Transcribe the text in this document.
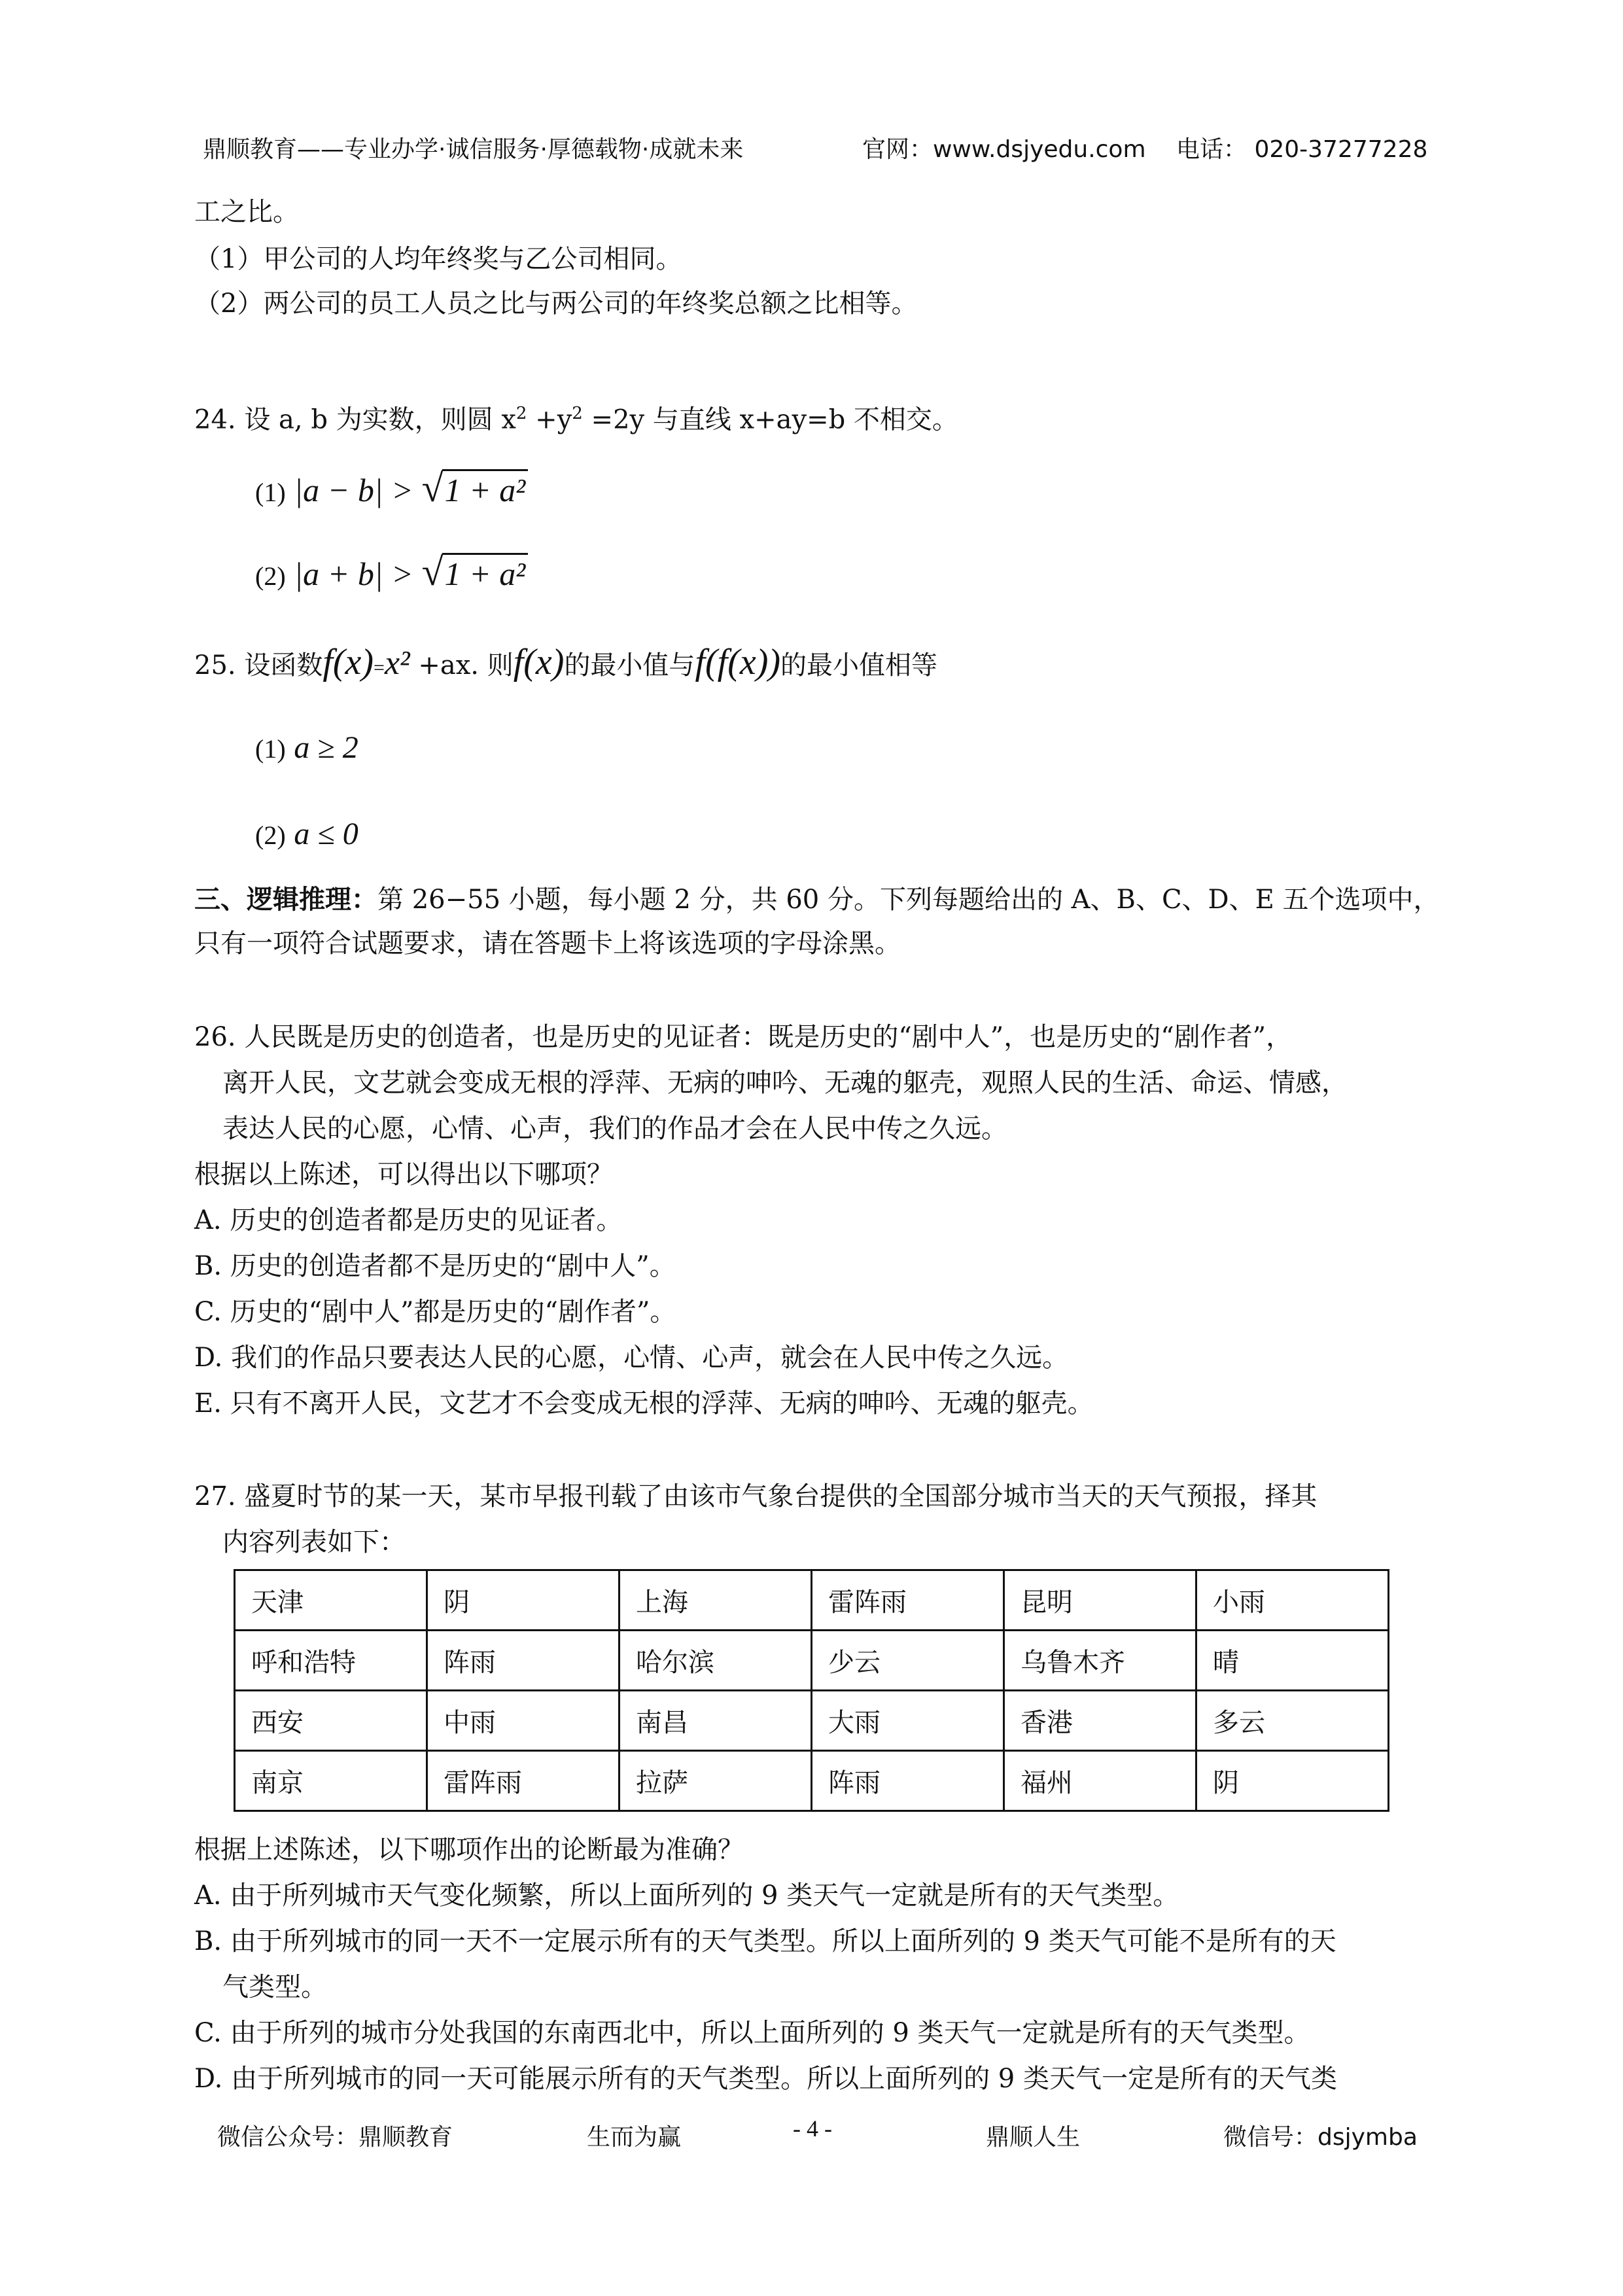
鼎顺教育——专业办学·诚信服务·厚德载物·成就未来	官网：www.dsjyedu.com 电话： 020-37277228
工之比。
（1）甲公司的人均年终奖与乙公司相同。
（2）两公司的员工人员之比与两公司的年终奖总额之比相等。
24. 设 a, b 为实数，则圆 $x^2 +y^2 =2y$ 与直线 x+ay=b 不相交。
(1) |a − b| > √1 + a²
(2) |a + b| > √1 + a²
25. 设函数f(x)=x² +ax. 则f(x)的最小值与f(f(x))的最小值相等
(1) a ≥ 2
(2) a ≤ 0
三、逻辑推理：第 26−55 小题，每小题 2 分，共 60 分。下列每题给出的 A、B、C、D、E 五个选项中，
只有一项符合试题要求，请在答题卡上将该选项的字母涂黑。
26. 人民既是历史的创造者，也是历史的见证者：既是历史的“剧中人”，也是历史的“剧作者”，
离开人民，文艺就会变成无根的浮萍、无病的呻吟、无魂的躯壳，观照人民的生活、命运、情感，
表达人民的心愿，心情、心声，我们的作品才会在人民中传之久远。
根据以上陈述，可以得出以下哪项？
A. 历史的创造者都是历史的见证者。
B. 历史的创造者都不是历史的“剧中人”。
C. 历史的“剧中人”都是历史的“剧作者”。
D. 我们的作品只要表达人民的心愿，心情、心声，就会在人民中传之久远。
E. 只有不离开人民，文艺才不会变成无根的浮萍、无病的呻吟、无魂的躯壳。
27. 盛夏时节的某一天，某市早报刊载了由该市气象台提供的全国部分城市当天的天气预报，择其
内容列表如下：
天津	阴	上海	雷阵雨	昆明	小雨
呼和浩特	阵雨	哈尔滨	少云	乌鲁木齐	晴
西安	中雨	南昌	大雨	香港	多云
南京	雷阵雨	拉萨	阵雨	福州	阴
根据上述陈述，以下哪项作出的论断最为准确？
A. 由于所列城市天气变化频繁，所以上面所列的 9 类天气一定就是所有的天气类型。
B. 由于所列城市的同一天不一定展示所有的天气类型。所以上面所列的 9 类天气可能不是所有的天
气类型。
C. 由于所列的城市分处我国的东南西北中，所以上面所列的 9 类天气一定就是所有的天气类型。
D. 由于所列城市的同一天可能展示所有的天气类型。所以上面所列的 9 类天气一定是所有的天气类
微信公众号：鼎顺教育	生而为赢	- 4 -	鼎顺人生	微信号：dsjymba
